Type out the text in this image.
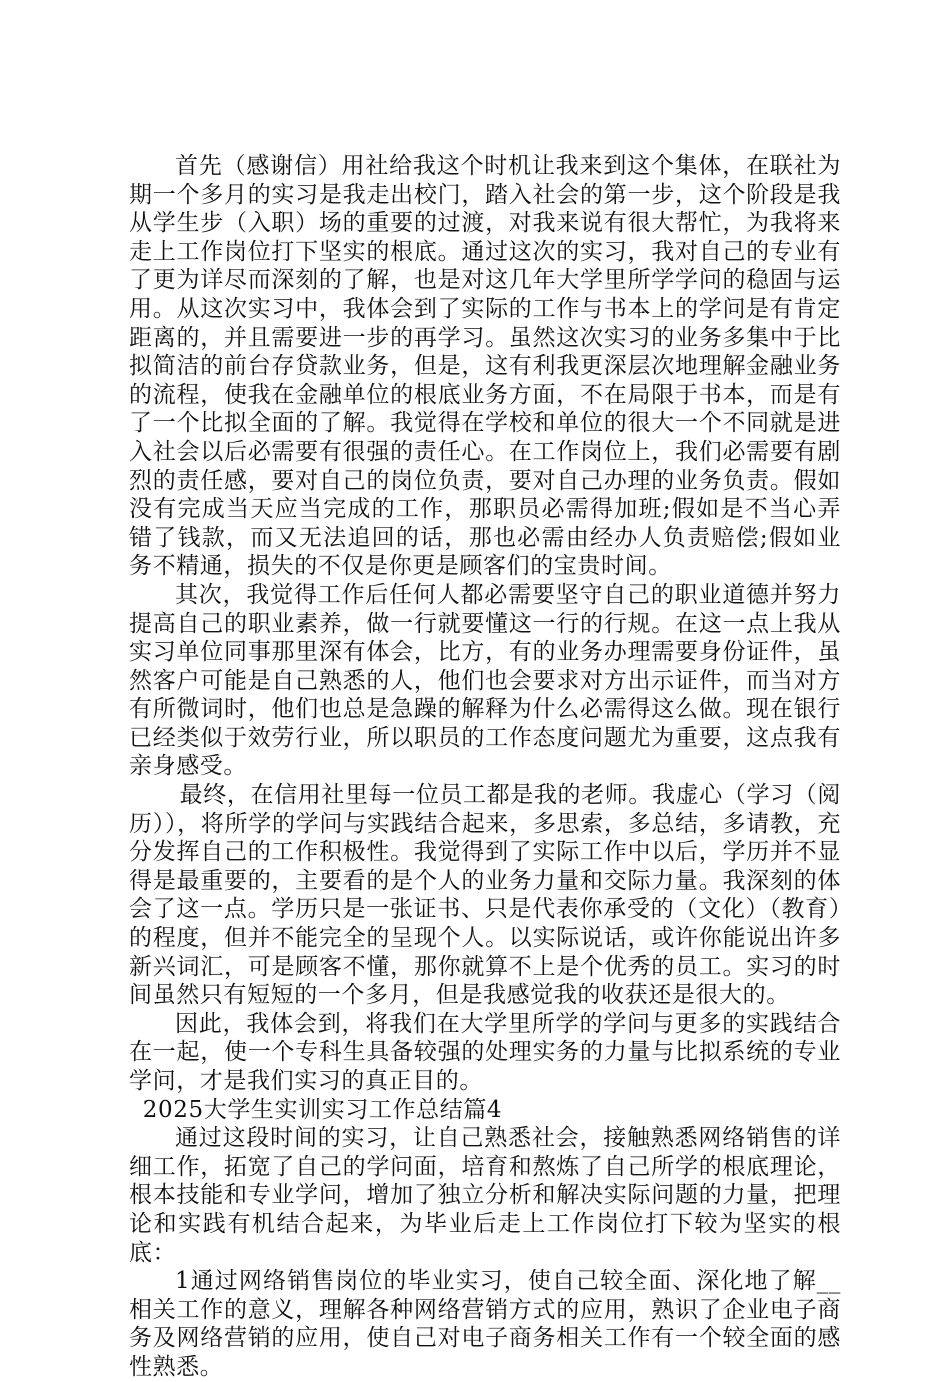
首先（感谢信）用社给我这个时机让我来到这个集体，在联社为期一个多月的实习是我走出校门，踏入社会的第一步，这个阶段是我从学生步（入职）场的重要的过渡，对我来说有很大帮忙，为我将来走上工作岗位打下坚实的根底。通过这次的实习，我对自己的专业有了更为详尽而深刻的了解，也是对这几年大学里所学学问的稳固与运用。从这次实习中，我体会到了实际的工作与书本上的学问是有肯定距离的，并且需要进一步的再学习。虽然这次实习的业务多集中于比拟简洁的前台存贷款业务，但是，这有利我更深层次地理解金融业务的流程，使我在金融单位的根底业务方面，不在局限于书本，而是有了一个比拟全面的了解。我觉得在学校和单位的很大一个不同就是进入社会以后必需要有很强的责任心。在工作岗位上，我们必需要有剧烈的责任感，要对自己的岗位负责，要对自己办理的业务负责。假如没有完成当天应当完成的工作，那职员必需得加班;假如是不当心弄错了钱款，而又无法追回的话，那也必需由经办人负责赔偿;假如业务不精通，损失的不仅是你更是顾客们的宝贵时间。

其次，我觉得工作后任何人都必需要坚守自己的职业道德并努力提高自己的职业素养，做一行就要懂这一行的行规。在这一点上我从实习单位同事那里深有体会，比方，有的业务办理需要身份证件，虽然客户可能是自己熟悉的人，他们也会要求对方出示证件，而当对方有所微词时，他们也总是急躁的解释为什么必需得这么做。现在银行已经类似于效劳行业，所以职员的工作态度问题尤为重要，这点我有亲身感受。

最终，在信用社里每一位员工都是我的老师。我虚心（学习（阅历）），将所学的学问与实践结合起来，多思索，多总结，多请教，充分发挥自己的工作积极性。我觉得到了实际工作中以后，学历并不显得是最重要的，主要看的是个人的业务力量和交际力量。我深刻的体会了这一点。学历只是一张证书、只是代表你承受的（文化）（教育）的程度，但并不能完全的呈现个人。以实际说话，或许你能说出许多新兴词汇，可是顾客不懂，那你就算不上是个优秀的员工。实习的时间虽然只有短短的一个多月，但是我感觉我的收获还是很大的。

因此，我体会到，将我们在大学里所学的学问与更多的实践结合在一起，使一个专科生具备较强的处理实务的力量与比拟系统的专业学问，才是我们实习的真正目的。

2025大学生实训实习工作总结篇4

通过这段时间的实习，让自己熟悉社会，接触熟悉网络销售的详细工作，拓宽了自己的学问面，培育和熬炼了自己所学的根底理论，根本技能和专业学问，增加了独立分析和解决实际问题的力量，把理论和实践有机结合起来，为毕业后走上工作岗位打下较为坚实的根底：

1通过网络销售岗位的毕业实习，使自己较全面、深化地了解__相关工作的意义，理解各种网络营销方式的应用，熟识了企业电子商务及网络营销的应用，使自己对电子商务相关工作有一个较全面的感性熟悉。
